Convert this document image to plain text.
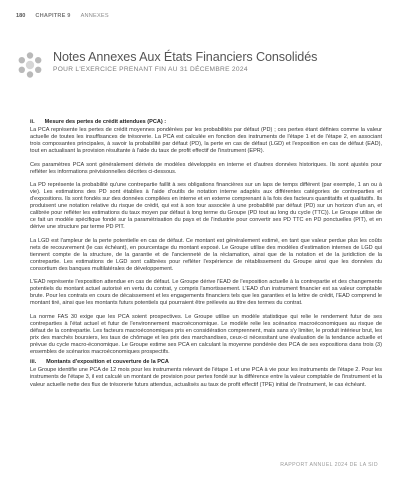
180 CHAPITRE 9 ANNEXES
Notes Annexes Aux États Financiers Consolidés
POUR L'EXERCICE PRENANT FIN AU 31 DÉCEMBRE 2024
ii. Mesure des pertes de crédit attendues (PCA) :

La PCA représente les pertes de crédit moyennes pondérées par les probabilités par défaut (PD) ; ces pertes étant définies comme la valeur actuelle de toutes les insuffisances de trésorerie. La PCA est calculée en fonction des instruments de l'étape 1 et de l'étape 2, en associant trois composantes principales, à savoir la probabilité par défaut (PD), la perte en cas de défaut (LGD) et l'exposition en cas de défaut (EAD), tout en actualisant la provision résultante à l'aide du taux de profit effectif de l'instrument (EPR).

Ces paramètres PCA sont généralement dérivés de modèles développés en interne et d'autres données historiques. Ils sont ajustés pour refléter les informations prévisionnelles décrites ci-dessous.

La PD représente la probabilité qu'une contrepartie faillit à ses obligations financières sur un laps de temps différent (par exemple, 1 an ou à vie). Les estimations des PD sont établies à l'aide d'outils de notation interne adaptés aux différentes catégories de contreparties et d'expositions. Ils sont fondés sur des données compilées en interne et en externe comprenant à la fois des facteurs quantitatifs et qualitatifs. Ils produisent une notation relative du risque de crédit, qui est à son tour associée à une probabilité par défaut (PD) sur un horizon d'un an, et calibrée pour refléter les estimations du taux moyen par défaut à long terme du Groupe (PD tout au long du cycle (TTC)). Le Groupe utilise de ce fait un modèle spécifique fondé sur la paramétrisation du pays et de l'industrie pour convertir ses PD TTC en PD ponctuelles (PIT), et en dérive une structure par terme PD PIT.

La LGD est l'ampleur de la perte potentielle en cas de défaut. Ce montant est généralement estimé, en tant que valeur perdue plus les coûts nets de recouvrement (le cas échéant), en pourcentage du montant exposé. Le Groupe utilise des modèles d'estimation internes de LGD qui tiennent compte de la structure, de la garantie et de l'ancienneté de la réclamation, ainsi que de la notation et de la juridiction de la contrepartie. Les estimations de LGD sont calibrées pour refléter l'expérience de rétablissement du Groupe ainsi que les données du consortium des banques multilatérales de développement.

L'EAD représente l'exposition attendue en cas de défaut. Le Groupe dérive l'EAD de l'exposition actuelle à la contrepartie et des changements potentiels du montant actuel autorisé en vertu du contrat, y compris l'amortissement. L'EAD d'un instrument financier est sa valeur comptable brute. Pour les contrats en cours de décaissement et les engagements financiers tels que les garanties et la lettre de crédit, l'EAD comprend le montant tiré, ainsi que les montants futurs potentiels qui pourraient être prélevés au titre des termes du contrat.

La norme FAS 30 exige que les PCA soient prospectives. Le Groupe utilise un modèle statistique qui relie le rendement futur de ses contreparties à l'état actuel et futur de l'environnement macroéconomique. Le modèle relie les scénarios macroéconomiques au risque de défaut de la contrepartie. Les facteurs macroéconomiques pris en considération comprennent, mais sans s'y limiter, le produit intérieur brut, les prix des marchés boursiers, les taux de chômage et les prix des marchandises, ceux-ci nécessitant une évaluation de la tendance actuelle et prévue du cycle macro-économique. Le Groupe estime ses PCA en calculant la moyenne pondérée des PCA de ses expositions dans trois (3) ensembles de scénarios macroéconomiques prospectifs.

iii. Montants d'exposition et couverture de la PCA

Le Groupe identifie une PCA de 12 mois pour les instruments relevant de l'étape 1 et une PCA à vie pour les instruments de l'étape 2. Pour les instruments de l'étape 3, il est calculé un montant de provision pour pertes fondé sur la différence entre la valeur comptable de l'instrument et la valeur actuelle nette des flux de trésorerie futurs attendus, actualisés au taux de profit effectif (TPE) initial de l'instrument, le cas échéant.

RAPPORT ANNUEL 2024 DE LA SID
